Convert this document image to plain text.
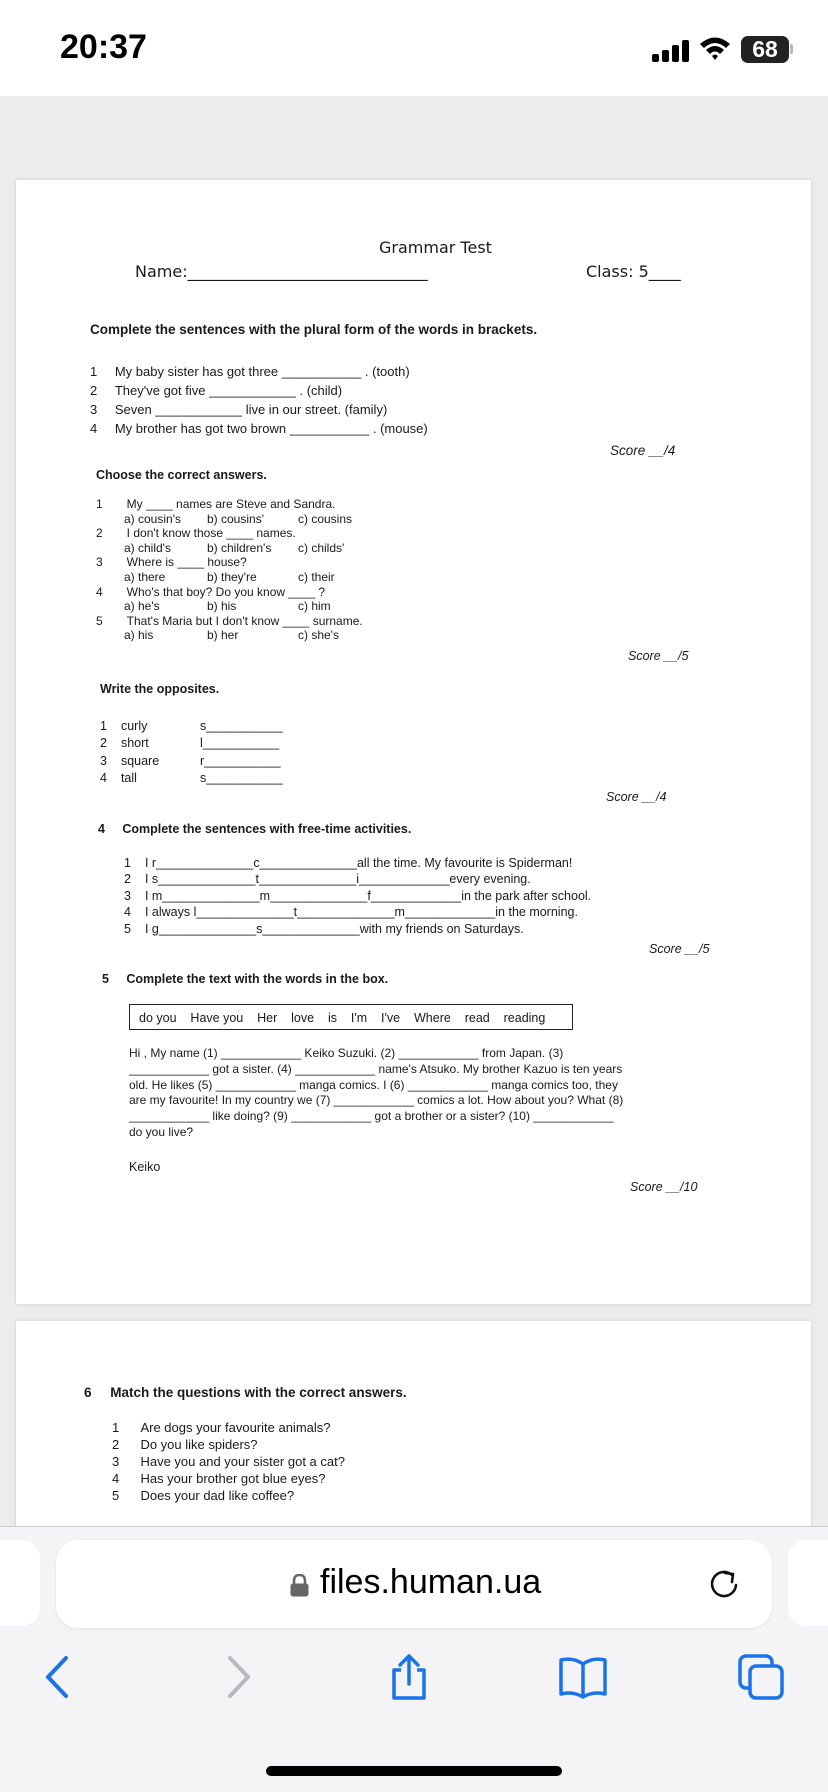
20:37	68
Grammar Test
Name:______________________________	Class: 5____
Complete the sentences with the plural form of the words in brackets.
1 My baby sister has got three ___________ . (tooth)
2 They've got five ____________ . (child)
3 Seven ____________ live in our street. (family)
4 My brother has got two brown ___________ . (mouse)
Score __/4
Choose the correct answers.
1 My ____ names are Steve and Sandra.
a) cousin's b) cousins'	c) cousins
2 I don't know those ____ names.
a) child's	b) children's c) childs'
3 Where is ____ house?
a) there	b) they're	c) their
4 Who's that boy? Do you know ____ ?
a) he's	b) his	c) him
5 That's Maria but I don't know ____ surname.
a) his	b) her	c) she's
Score __/5
Write the opposites.
1 curly	s___________
2 short	l___________
3 square	r___________
4 tall	s___________
Score __/4
4 Complete the sentences with free-time activities.
1 I r______________c______________all the time. My favourite is Spiderman!
2 I s______________t______________i_____________every evening.
3 I m______________m______________f_____________in the park after school.
4 I always l______________t______________m_____________in the morning.
5 I g______________s______________with my friends on Saturdays.
Score __/5
5 Complete the text with the words in the box.
do you    Have you    Her    love    is    I'm    I've    Where    read    reading
Hi , My name (1) ____________ Keiko Suzuki. (2) ____________ from Japan. (3)
____________ got a sister. (4) ____________ name's Atsuko. My brother Kazuo is ten years
old. He likes (5) ____________ manga comics. I (6) ____________ manga comics too, they
are my favourite! In my country we (7) ____________ comics a lot. How about you? What (8)
____________ like doing? (9) ____________ got a brother or a sister? (10) ____________
do you live?
Keiko
Score __/10
6 Match the questions with the correct answers.
1 Are dogs your favourite animals?
2 Do you like spiders?
3 Have you and your sister got a cat?
4 Has your brother got blue eyes?
5 Does your dad like coffee?
files.human.ua
